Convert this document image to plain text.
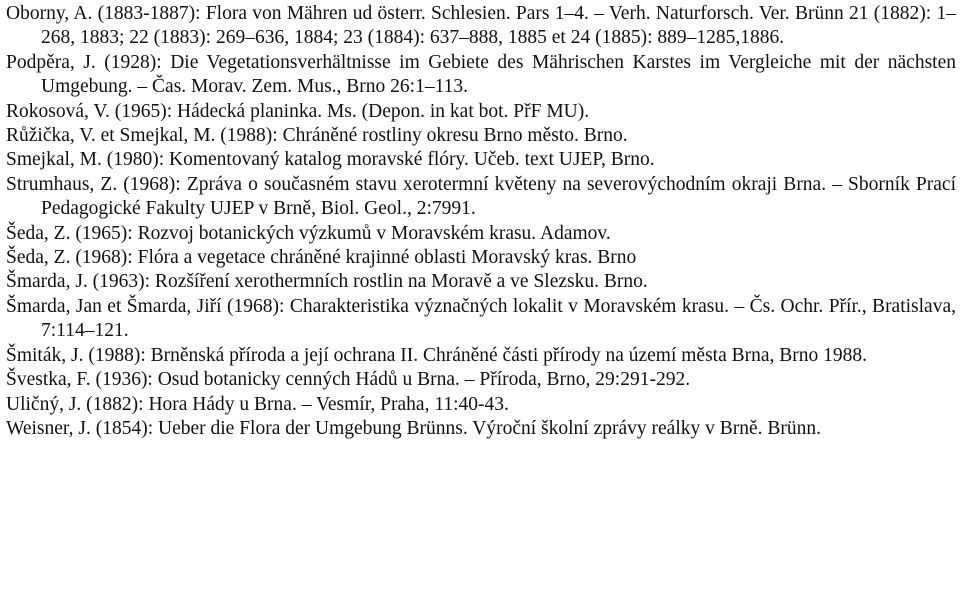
Oborny, A. (1883-1887): Flora von Mähren ud österr. Schlesien. Pars 1–4. – Verh. Naturforsch. Ver. Brünn 21 (1882): 1–268, 1883; 22 (1883): 269–636, 1884; 23 (1884): 637–888, 1885 et 24 (1885): 889–1285,1886.

Podpěra, J. (1928): Die Vegetationsverhältnisse im Gebiete des Mährischen Karstes im Vergleiche mit der nächsten Umgebung. – Čas. Morav. Zem. Mus., Brno 26:1–113.

Rokosová, V. (1965): Hádecká planinka. Ms. (Depon. in kat bot. PřF MU).

Růžička, V. et Smejkal, M. (1988): Chráněné rostliny okresu Brno město. Brno.

Smejkal, M. (1980): Komentovaný katalog moravské flóry. Učeb. text UJEP, Brno.

Strumhaus, Z. (1968): Zpráva o současném stavu xerotermní květeny na severovýchodním okraji Brna. – Sborník Prací Pedagogické Fakulty UJEP v Brně, Biol. Geol., 2:7991.

Šeda, Z. (1965): Rozvoj botanických výzkumů v Moravském krasu. Adamov.

Šeda, Z. (1968): Flóra a vegetace chráněné krajinné oblasti Moravský kras. Brno

Šmarda, J. (1963): Rozšíření xerothermních rostlin na Moravě a ve Slezsku. Brno.

Šmarda, Jan et Šmarda, Jiří (1968): Charakteristika význačných lokalit v Moravském krasu. – Čs. Ochr. Přír., Bratislava, 7:114–121.

Šmiták, J. (1988): Brněnská příroda a její ochrana II. Chráněné části přírody na území města Brna, Brno 1988.

Švestka, F. (1936): Osud botanicky cenných Hádů u Brna. – Příroda, Brno, 29:291-292.

Uličný, J. (1882): Hora Hády u Brna. – Vesmír, Praha, 11:40-43.

Weisner, J. (1854): Ueber die Flora der Umgebung Brünns. Výroční školní zprávy reálky v Brně. Brünn.
